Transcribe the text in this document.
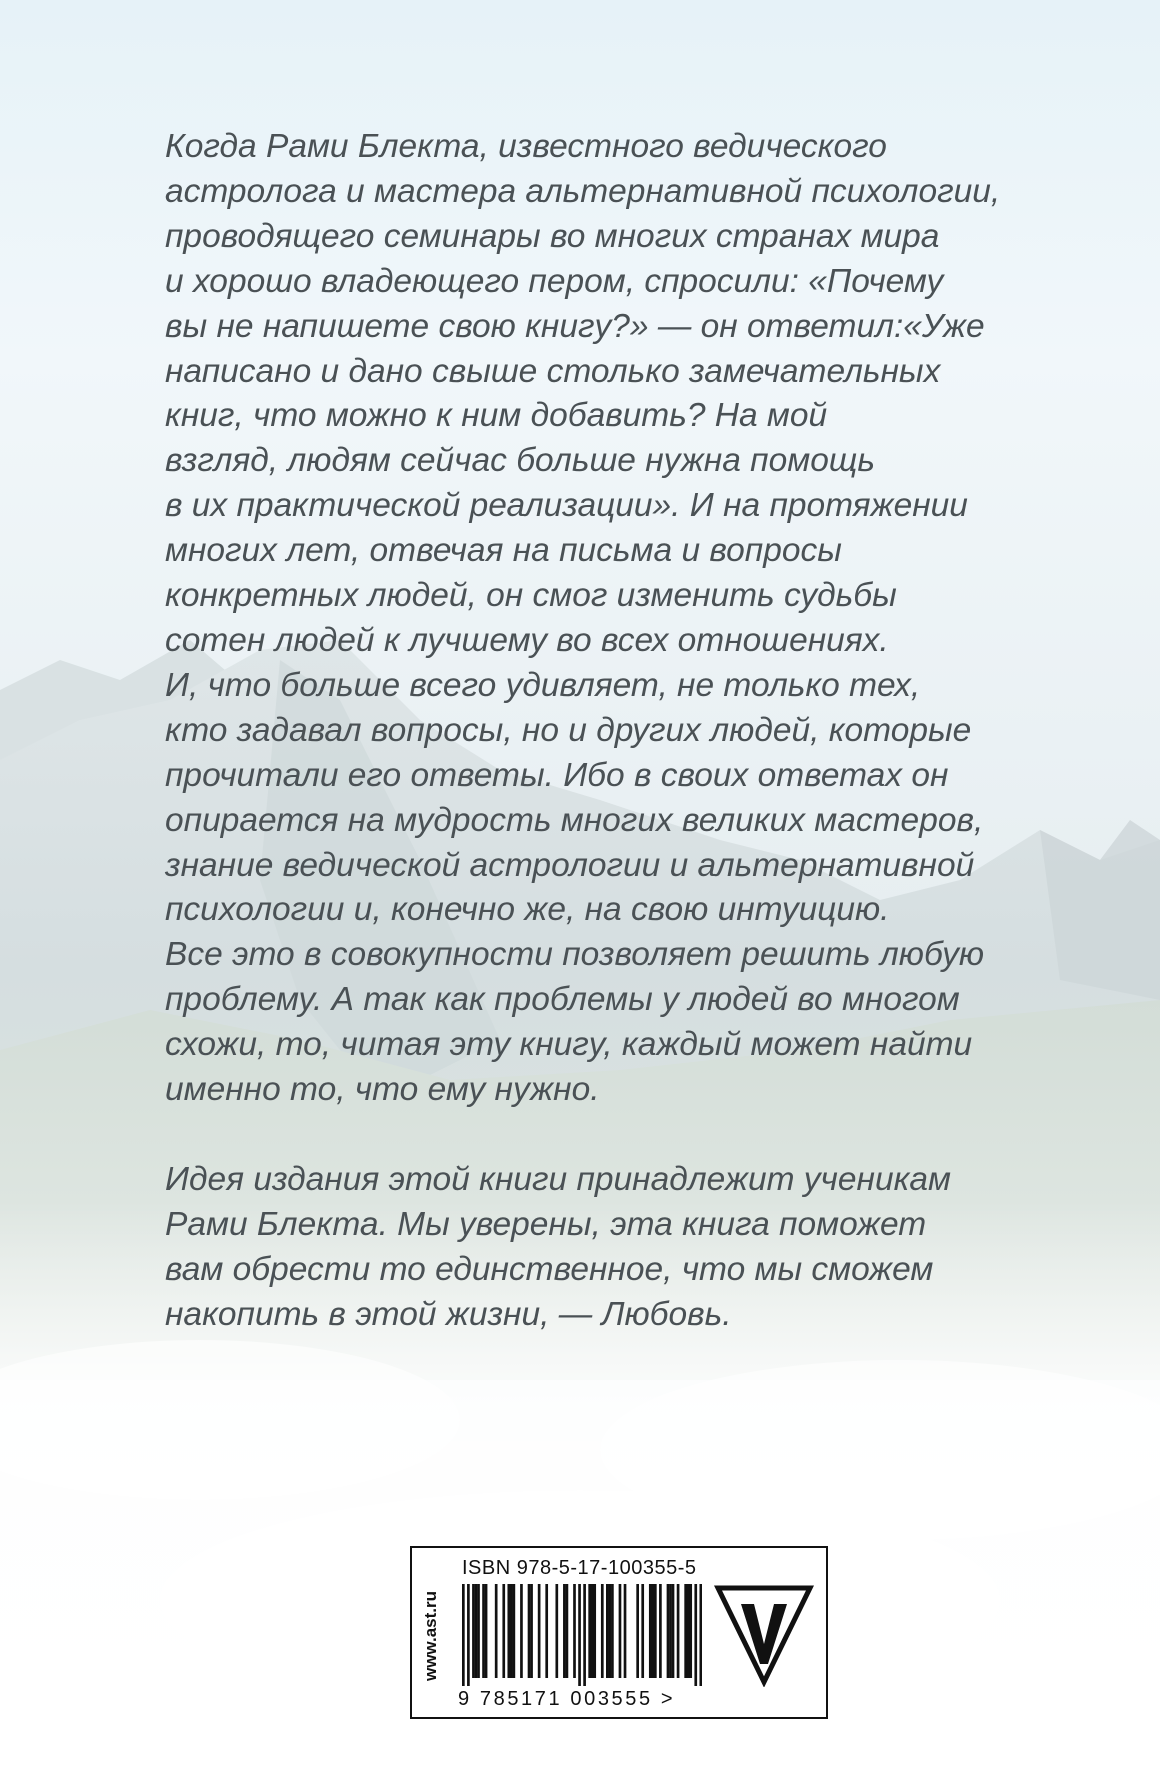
Когда Рами Блекта, известного ведического
астролога и мастера альтернативной психологии,
проводящего семинары во многих странах мира
и хорошо владеющего пером, спросили: «Почему
вы не напишете свою книгу?» — он ответил:«Уже
написано и дано свыше столько замечательных
книг, что можно к ним добавить? На мой
взгляд, людям сейчас больше нужна помощь
в их практической реализации». И на протяжении
многих лет, отвечая на письма и вопросы
конкретных людей, он смог изменить судьбы
сотен людей к лучшему во всех отношениях.
И, что больше всего удивляет, не только тех,
кто задавал вопросы, но и других людей, которые
прочитали его ответы. Ибо в своих ответах он
опирается на мудрость многих великих мастеров,
знание ведической астрологии и альтернативной
психологии и, конечно же, на свою интуицию.
Все это в совокупности позволяет решить любую
проблему. А так как проблемы у людей во многом
схожи, то, читая эту книгу, каждый может найти
именно то, что ему нужно.

Идея издания этой книги принадлежит ученикам
Рами Блекта. Мы уверены, эта книга поможет
вам обрести то единственное, что мы сможем
накопить в этой жизни, — Любовь.

www.ast.ru
ISBN 978-5-17-100355-5
9 785171 003555 >
